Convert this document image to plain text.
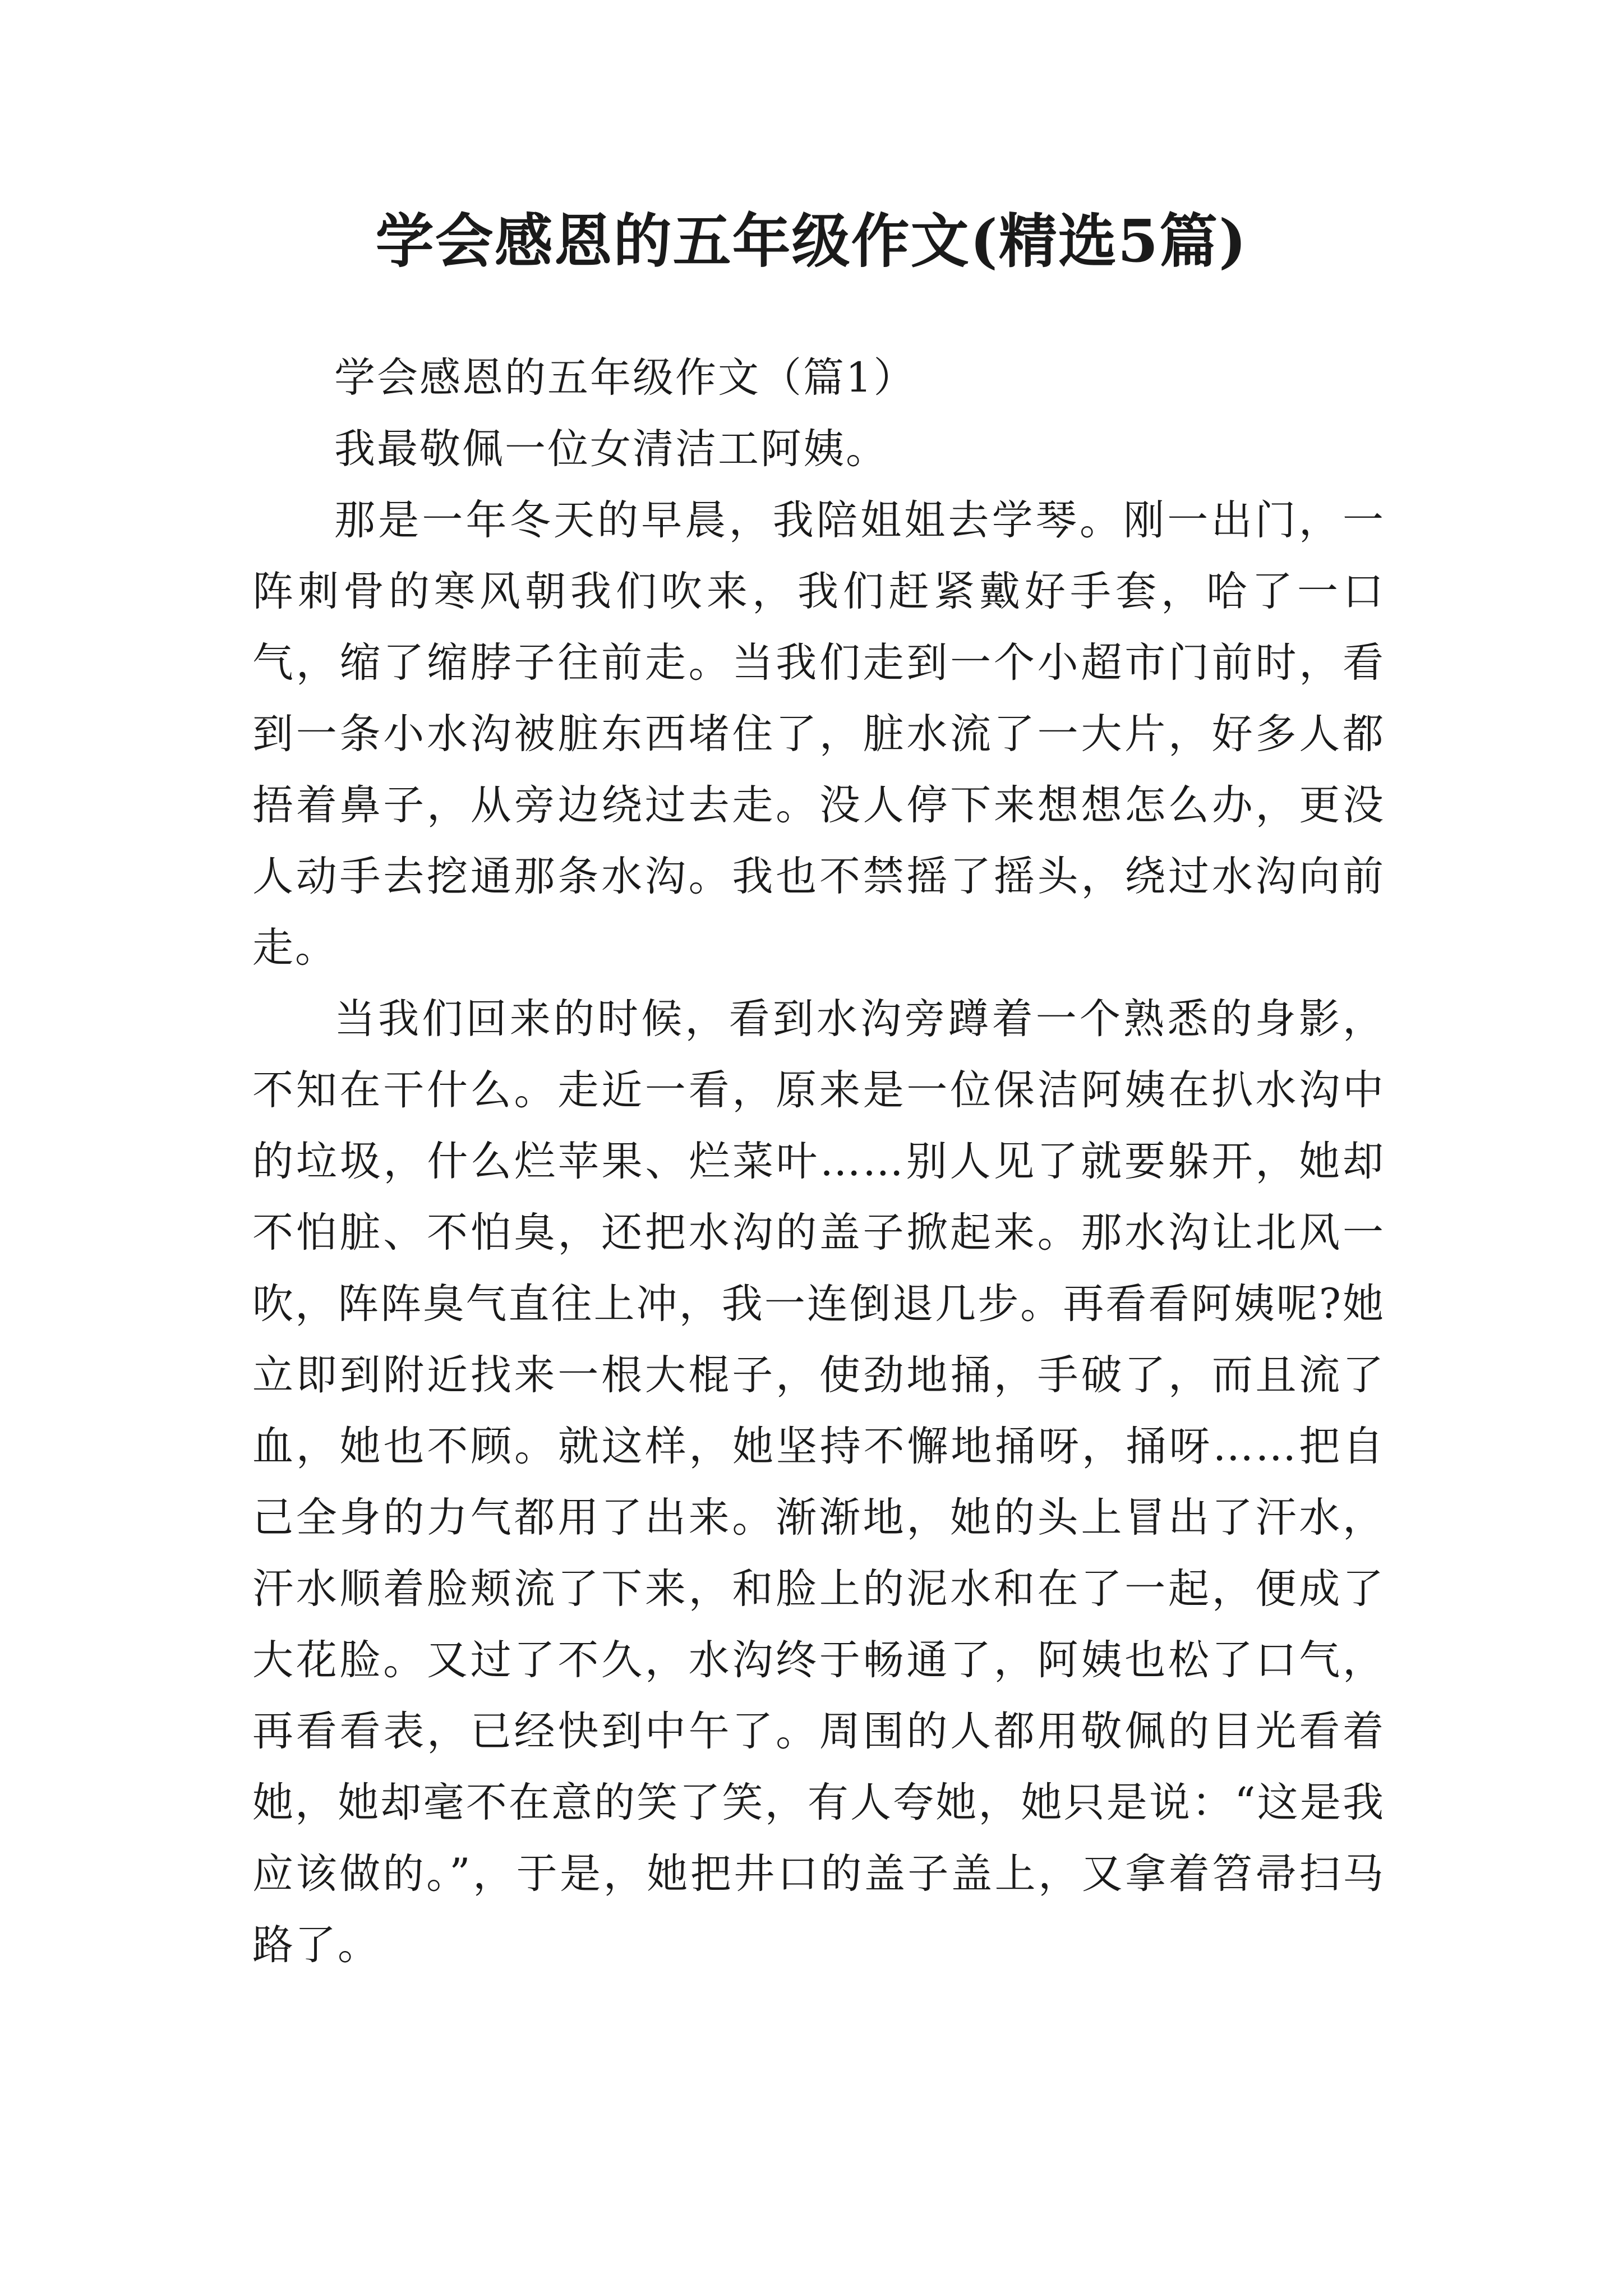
学会感恩的五年级作文(精选5篇)

学会感恩的五年级作文（篇1）

我最敬佩一位女清洁工阿姨。

那是一年冬天的早晨，我陪姐姐去学琴。刚一出门，一阵刺骨的寒风朝我们吹来，我们赶紧戴好手套，哈了一口气，缩了缩脖子往前走。当我们走到一个小超市门前时，看到一条小水沟被脏东西堵住了，脏水流了一大片，好多人都捂着鼻子，从旁边绕过去走。没人停下来想想怎么办，更没人动手去挖通那条水沟。我也不禁摇了摇头，绕过水沟向前走。

当我们回来的时候，看到水沟旁蹲着一个熟悉的身影，不知在干什么。走近一看，原来是一位保洁阿姨在扒水沟中的垃圾，什么烂苹果、烂菜叶……别人见了就要躲开，她却不怕脏、不怕臭，还把水沟的盖子掀起来。那水沟让北风一吹，阵阵臭气直往上冲，我一连倒退几步。再看看阿姨呢?她立即到附近找来一根大棍子，使劲地捅，手破了，而且流了血，她也不顾。就这样，她坚持不懈地捅呀，捅呀……把自己全身的力气都用了出来。渐渐地，她的头上冒出了汗水，汗水顺着脸颊流了下来，和脸上的泥水和在了一起，便成了大花脸。又过了不久，水沟终于畅通了，阿姨也松了口气，再看看表，已经快到中午了。周围的人都用敬佩的目光看着她，她却毫不在意的笑了笑，有人夸她，她只是说：“这是我应该做的。”，于是，她把井口的盖子盖上，又拿着笤帚扫马路了。
